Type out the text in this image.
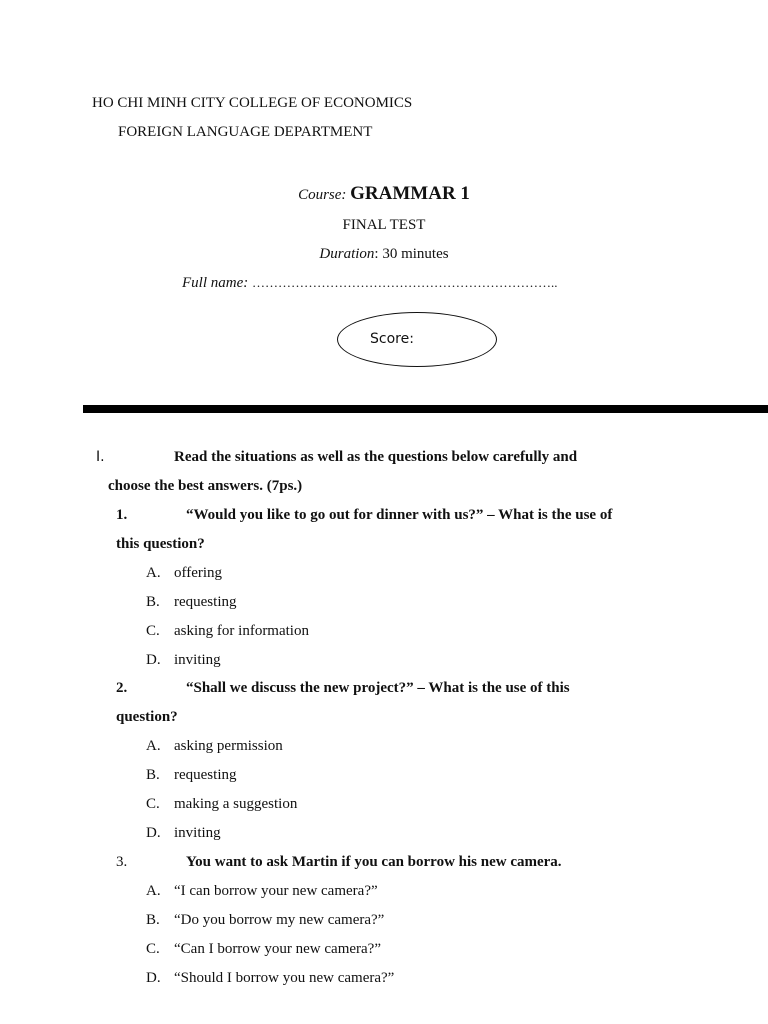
HO CHI MINH CITY COLLEGE OF ECONOMICS
FOREIGN LANGUAGE DEPARTMENT
Course: GRAMMAR 1
FINAL TEST
Duration: 30 minutes
Full name: ……………………………………………………………..
Score:
I.	Read the situations as well as the questions below carefully and
choose the best answers. (7ps.)
1.	“Would you like to go out for dinner with us?” – What is the use of
this question?
A. offering
B. requesting
C. asking for information
D. inviting
2.	“Shall we discuss the new project?” – What is the use of this
question?
A. asking permission
B. requesting
C. making a suggestion
D. inviting
3.	You want to ask Martin if you can borrow his new camera.
A. “I can borrow your new camera?”
B. “Do you borrow my new camera?”
C. “Can I borrow your new camera?”
D. “Should I borrow you new camera?”
